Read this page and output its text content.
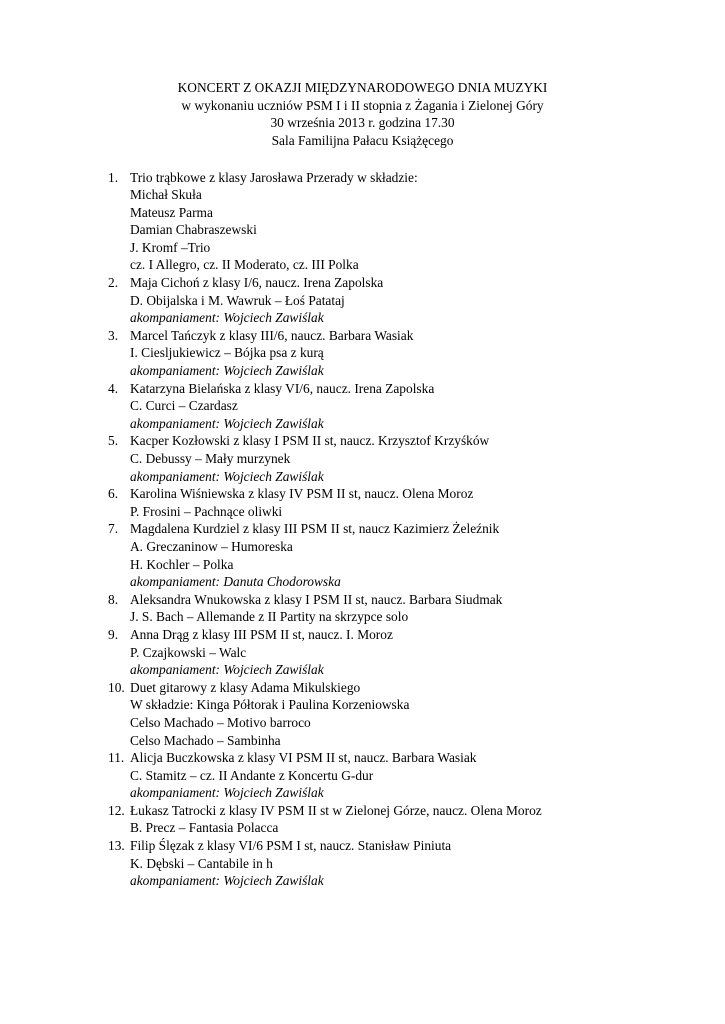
KONCERT Z OKAZJI MIĘDZYNARODOWEGO DNIA MUZYKI
w wykonaniu uczniów PSM I i II stopnia z Żagania i Zielonej Góry
30 września 2013 r. godzina 17.30
Sala Familijna Pałacu Książęcego
1. Trio trąbkowe z klasy Jarosława Przerady w składzie:
Michał Skuła
Mateusz Parma
Damian Chabraszewski
J. Kromf –Trio
cz. I Allegro, cz. II Moderato, cz. III Polka
2. Maja Cichoń z klasy I/6, naucz. Irena Zapolska
D. Obijalska i M. Wawruk – Łoś Patataj
akompaniament: Wojciech Zawiślak
3. Marcel Tańczyk z klasy III/6, naucz. Barbara Wasiak
I. Ciesljukiewicz – Bójka psa z kurą
akompaniament: Wojciech Zawiślak
4. Katarzyna Bielańska z klasy VI/6, naucz. Irena Zapolska
C. Curci – Czardasz
akompaniament: Wojciech Zawiślak
5. Kacper Kozłowski z klasy I PSM II st, naucz. Krzysztof Krzyśków
C. Debussy – Mały murzynek
akompaniament: Wojciech Zawiślak
6. Karolina Wiśniewska z klasy IV PSM II st, naucz. Olena Moroz
P. Frosini – Pachnące oliwki
7. Magdalena Kurdziel z klasy III PSM II st, naucz Kazimierz Żeleźnik
A. Greczaninow – Humoreska
H. Kochler – Polka
akompaniament: Danuta Chodorowska
8. Aleksandra Wnukowska z klasy I PSM II st, naucz. Barbara Siudmak
J. S. Bach – Allemande z II Partity na skrzypce solo
9. Anna Drąg z klasy III PSM II st, naucz. I. Moroz
P. Czajkowski – Walc
akompaniament: Wojciech Zawiślak
10. Duet gitarowy z klasy Adama Mikulskiego
W składzie: Kinga Półtorak i Paulina Korzeniowska
Celso Machado – Motivo barroco
Celso Machado – Sambinha
11. Alicja Buczkowska z klasy VI PSM II st, naucz. Barbara Wasiak
C. Stamitz – cz. II Andante z Koncertu G-dur
akompaniament: Wojciech Zawiślak
12. Łukasz Tatrocki z klasy IV PSM II st w Zielonej Górze, naucz. Olena Moroz
B. Precz – Fantasia Polacca
13. Filip Ślęzak z klasy VI/6 PSM I st, naucz. Stanisław Piniuta
K. Dębski – Cantabile in h
akompaniament: Wojciech Zawiślak
